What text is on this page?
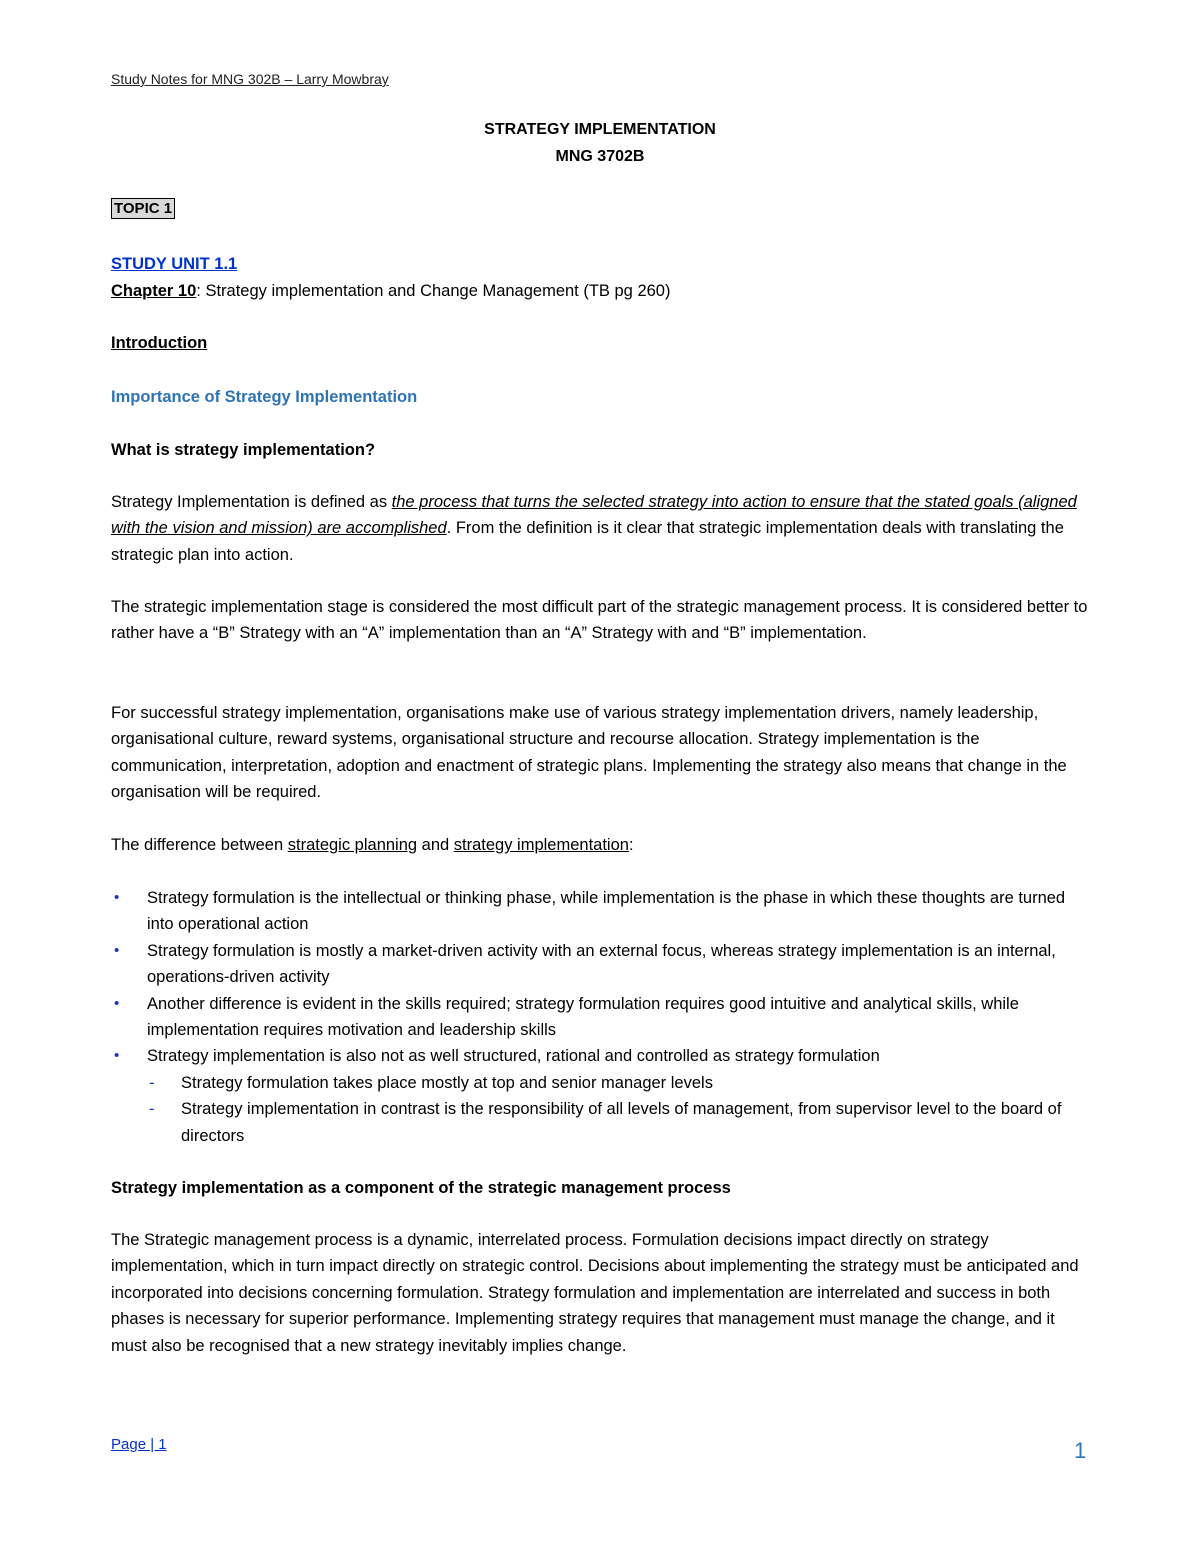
Study Notes for MNG 302B – Larry Mowbray
STRATEGY IMPLEMENTATION
MNG 3702B
TOPIC 1
STUDY UNIT 1.1
Chapter 10: Strategy implementation and Change Management (TB pg 260)
Introduction
Importance of Strategy Implementation
What is strategy implementation?
Strategy Implementation is defined as the process that turns the selected strategy into action to ensure that the stated goals (aligned with the vision and mission) are accomplished. From the definition is it clear that strategic implementation deals with translating the strategic plan into action.
The strategic implementation stage is considered the most difficult part of the strategic management process. It is considered better to rather have a “B” Strategy with an “A” implementation than an “A” Strategy with and “B” implementation.
For successful strategy implementation, organisations make use of various strategy implementation drivers, namely leadership, organisational culture, reward systems, organisational structure and recourse allocation. Strategy implementation is the communication, interpretation, adoption and enactment of strategic plans. Implementing the strategy also means that change in the organisation will be required.
The difference between strategic planning and strategy implementation:
• Strategy formulation is the intellectual or thinking phase, while implementation is the phase in which these thoughts are turned into operational action
• Strategy formulation is mostly a market-driven activity with an external focus, whereas strategy implementation is an internal, operations-driven activity
• Another difference is evident in the skills required; strategy formulation requires good intuitive and analytical skills, while implementation requires motivation and leadership skills
• Strategy implementation is also not as well structured, rational and controlled as strategy formulation
- Strategy formulation takes place mostly at top and senior manager levels
- Strategy implementation in contrast is the responsibility of all levels of management, from supervisor level to the board of directors
Strategy implementation as a component of the strategic management process
The Strategic management process is a dynamic, interrelated process. Formulation decisions impact directly on strategy implementation, which in turn impact directly on strategic control. Decisions about implementing the strategy must be anticipated and incorporated into decisions concerning formulation. Strategy formulation and implementation are interrelated and success in both phases is necessary for superior performance. Implementing strategy requires that management must manage the change, and it must also be recognised that a new strategy inevitably implies change.
Page | 1	1
